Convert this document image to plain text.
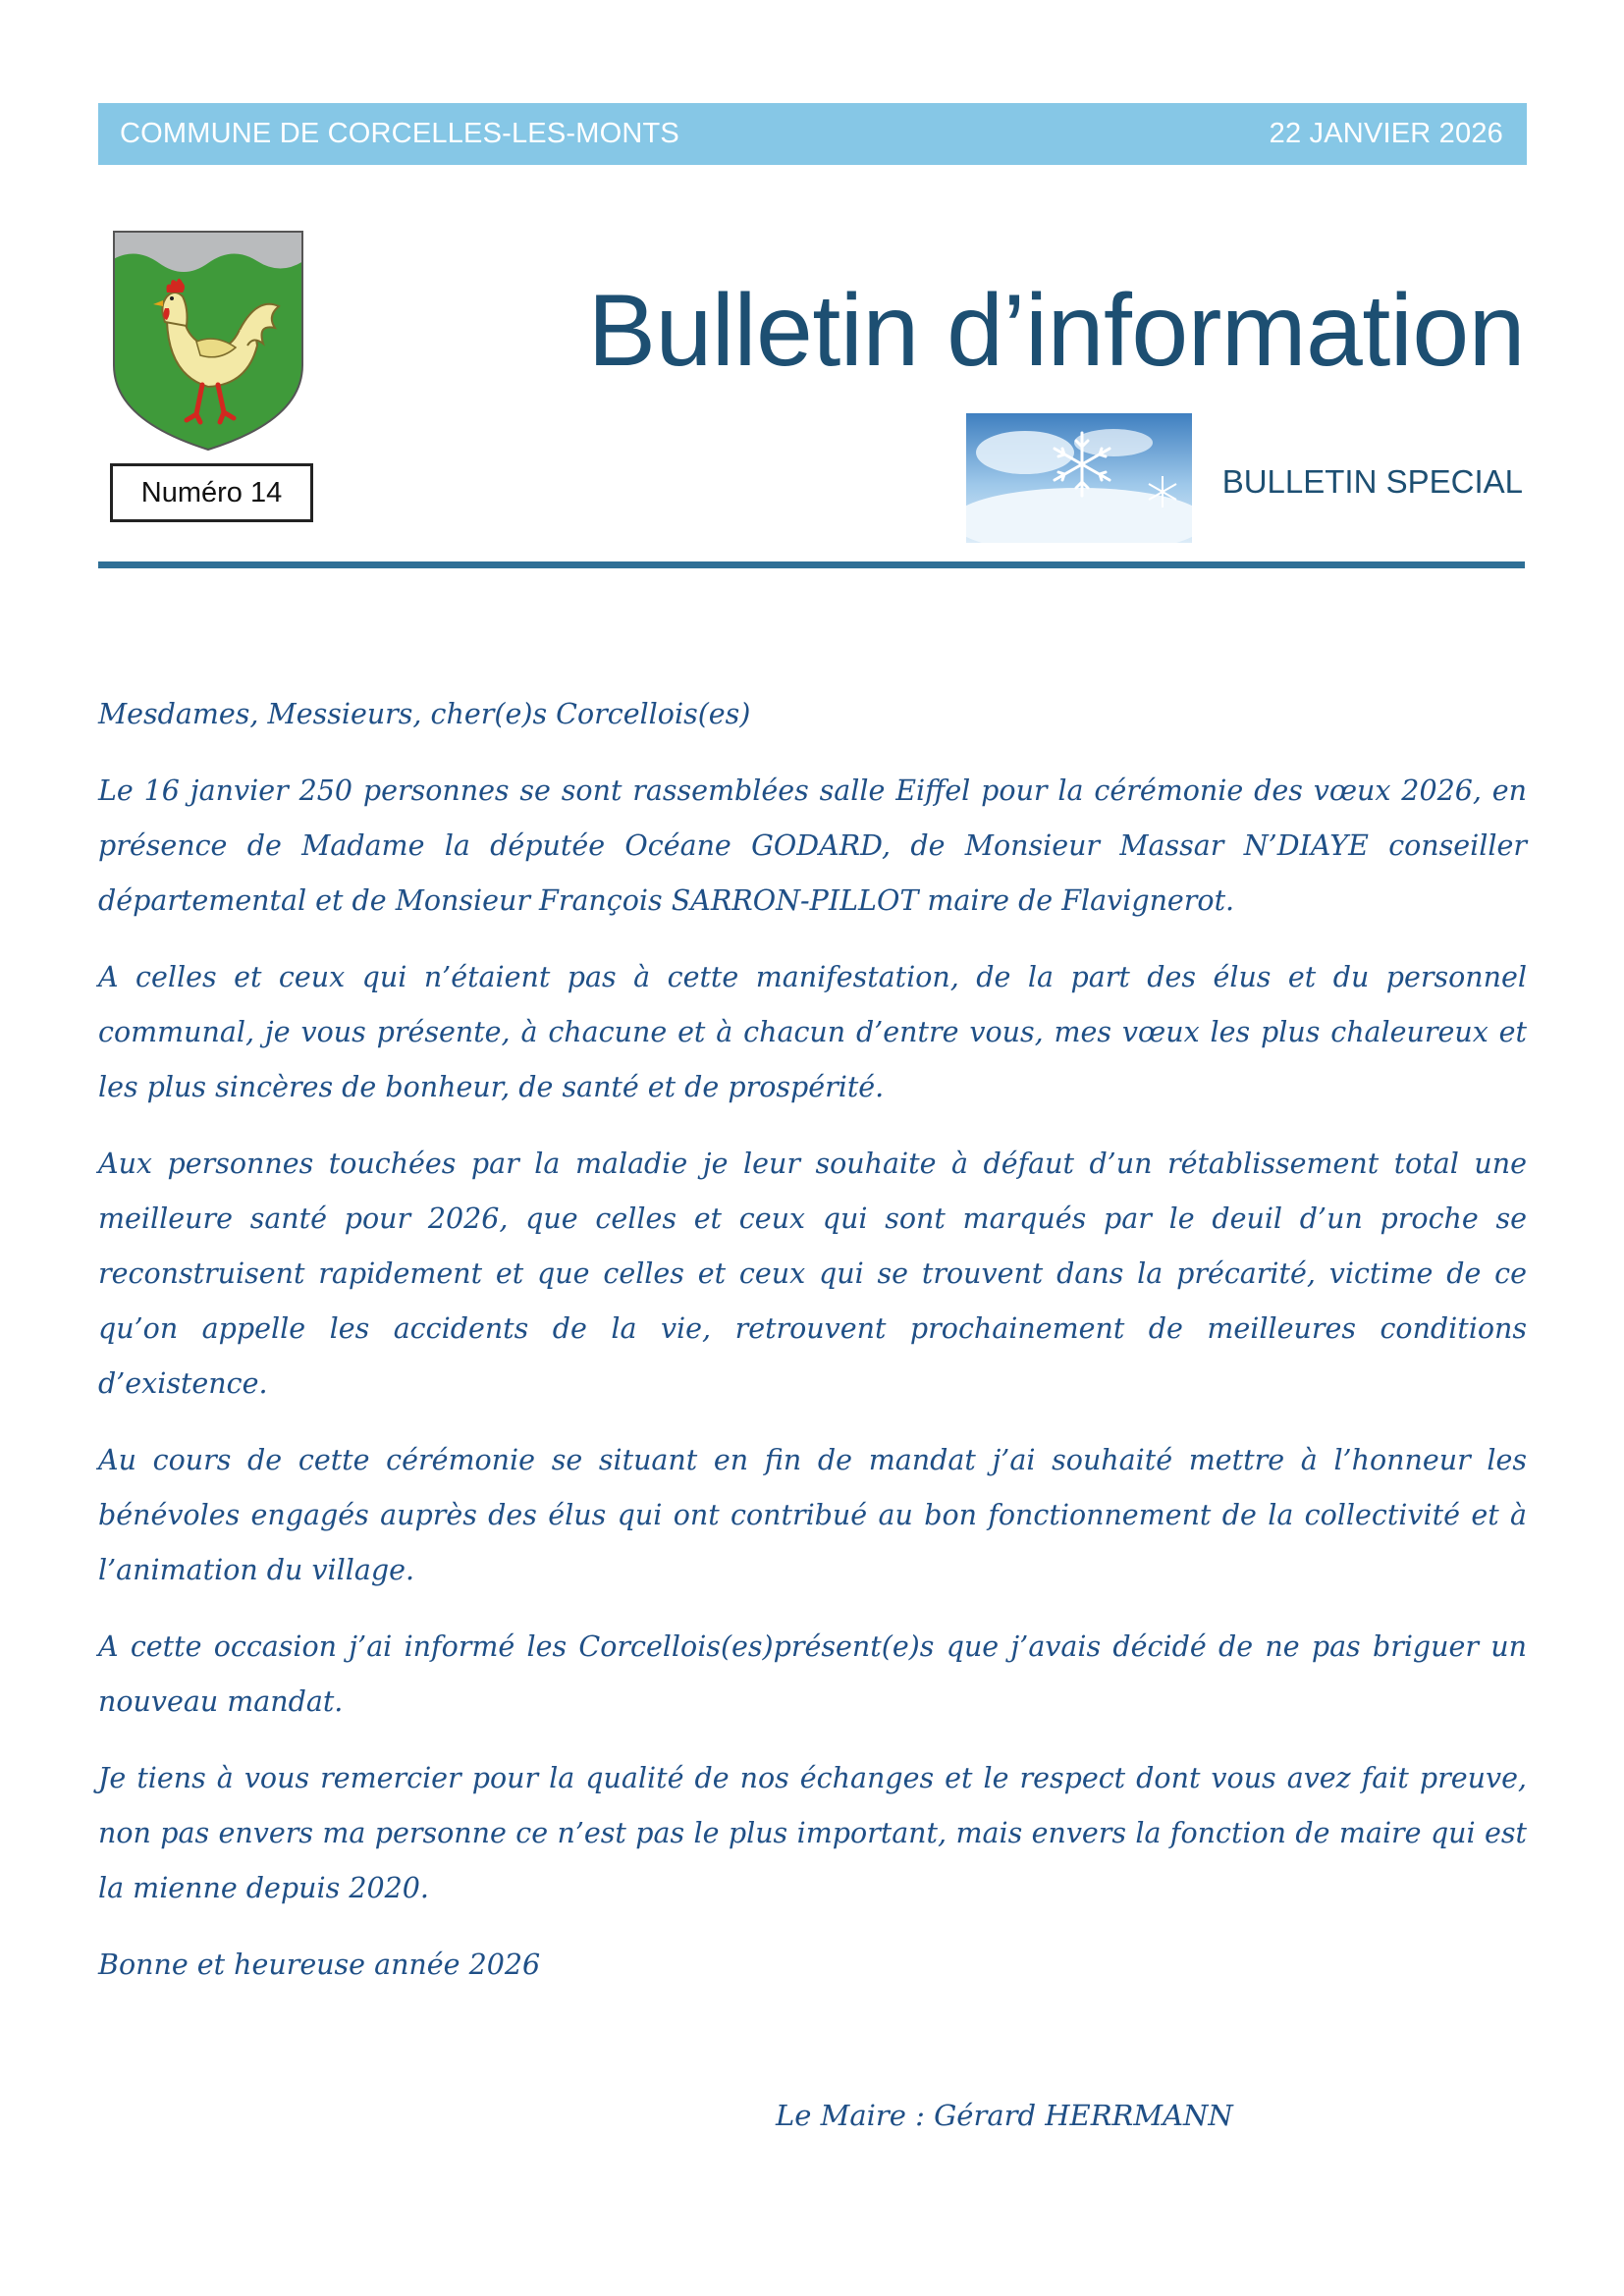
COMMUNE DE CORCELLES-LES-MONTS	22 JANVIER 2026
Numéro 14
Bulletin d’information
BULLETIN SPECIAL

Mesdames, Messieurs, cher(e)s Corcellois(es)

Le 16 janvier 250 personnes se sont rassemblées salle Eiffel pour la cérémonie des vœux 2026, en présence de Madame la députée Océane GODARD, de Monsieur Massar N’DIAYE conseiller départemental et de Monsieur François SARRON-PILLOT maire de Flavignerot.

A celles et ceux qui n’étaient pas à cette manifestation, de la part des élus et du personnel communal, je vous présente, à chacune et à chacun d’entre vous, mes vœux les plus chaleureux et les plus sincères de bonheur, de santé et de prospérité.

Aux personnes touchées par la maladie je leur souhaite à défaut d’un rétablissement total une meilleure santé pour 2026, que celles et ceux qui sont marqués par le deuil d’un proche se reconstruisent rapidement et que celles et ceux qui se trouvent dans la précarité, victime de ce qu’on appelle les accidents de la vie, retrouvent prochainement de meilleures conditions d’existence.

Au cours de cette cérémonie se situant en fin de mandat j’ai souhaité mettre à l’honneur les bénévoles engagés auprès des élus qui ont contribué au bon fonctionnement de la collectivité et à l’animation du village.

A cette occasion j’ai informé les Corcellois(es)présent(e)s que j’avais décidé de ne pas briguer un nouveau mandat.

Je tiens à vous remercier pour la qualité de nos échanges et le respect dont vous avez fait preuve, non pas envers ma personne ce n’est pas le plus important, mais envers la fonction de maire qui est la mienne depuis 2020.

Bonne et heureuse année 2026

Le Maire : Gérard HERRMANN
